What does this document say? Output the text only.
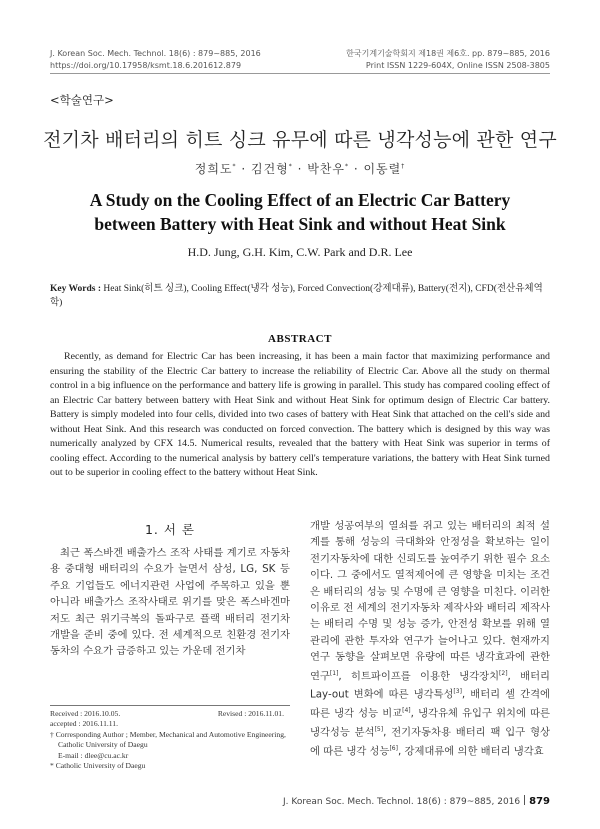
J. Korean Soc. Mech. Technol. 18(6) : 879~885, 2016
https://doi.org/10.17958/ksmt.18.6.201612.879
한국기계기술학회지 제18권 제6호. pp. 879~885, 2016
Print ISSN 1229-604X, Online ISSN 2508-3805
<학술연구>
전기차 배터리의 히트 싱크 유무에 따른 냉각성능에 관한 연구
정희도* · 김건형* · 박찬우* · 이동렬†
A Study on the Cooling Effect of an Electric Car Battery
between Battery with Heat Sink and without Heat Sink
H.D. Jung, G.H. Kim, C.W. Park and D.R. Lee
Key Words : Heat Sink(히트 싱크), Cooling Effect(냉각 성능), Forced Convection(강제대류), Battery(전지), CFD(전산유체역학)
ABSTRACT
Recently, as demand for Electric Car has been increasing, it has been a main factor that maximizing performance and ensuring the stability of the Electric Car battery to increase the reliability of Electric Car. Above all the study on thermal control in a big influence on the performance and battery life is growing in parallel. This study has compared cooling effect of an Electric Car battery between battery with Heat Sink and without Heat Sink for optimum design of Electric Car battery. Battery is simply modeled into four cells, divided into two cases of battery with Heat Sink that attached on the cell's side and without Heat Sink. And this research was conducted on forced convection. The battery which is designed by this way was numerically analyzed by CFX 14.5. Numerical results, revealed that the battery with Heat Sink was superior in terms of cooling effect. According to the numerical analysis by battery cell's temperature variations, the battery with Heat Sink turned out to be superior in cooling effect to the battery without Heat Sink.
1. 서 론
최근 폭스바겐 배출가스 조작 사태를 계기로 자동차용 중대형 배터리의 수요가 늘면서 삼성, LG, SK 등 주요 기업들도 에너지관련 사업에 주목하고 있을 뿐 아니라 배출가스 조작사태로 위기를 맞은 폭스바겐마저도 최근 위기극복의 돌파구로 플랙 배터리 전기차 개발을 준비 중에 있다. 전 세계적으로 친환경 전기자동차의 수요가 급증하고 있는 가운데 전기차
개발 성공여부의 열쇠를 쥐고 있는 배터리의 최적 설계를 통해 성능의 극대화와 안정성을 확보하는 일이 전기자동차에 대한 신뢰도를 높여주기 위한 필수 요소이다. 그 중에서도 열적제어에 큰 영향을 미치는 조건은 배터리의 성능 및 수명에 큰 영향을 미친다. 이러한 이유로 전 세계의 전기자동차 제작사와 배터리 제작사는 배터리 수명 및 성능 증가, 안전성 확보를 위해 열 관리에 관한 투자와 연구가 늘어나고 있다. 현재까지 연구 동향을 살펴보면 유량에 따른 냉각효과에 관한 연구[1], 히트파이프를 이용한 냉각장치[2], 배터리 Lay-out 변화에 따른 냉각특성[3], 배터리 셀 간격에 따른 냉각 성능 비교[4], 냉각유체 유입구 위치에 따른 냉각성능 분석[5], 전기자동차용 배터리 팩 입구 형상에 따른 냉각 성능[6], 강제대류에 의한 배터리 냉각효
Received : 2016.10.05.	Revised : 2016.11.01.
accepted : 2016.11.11.
† Corresponding Author ; Member, Mechanical and Automotive Engineering, Catholic University of Daegu
E-mail : dlee@cu.ac.kr
* Catholic University of Daegu
J. Korean Soc. Mech. Technol. 18(6) : 879~885, 2016 879
